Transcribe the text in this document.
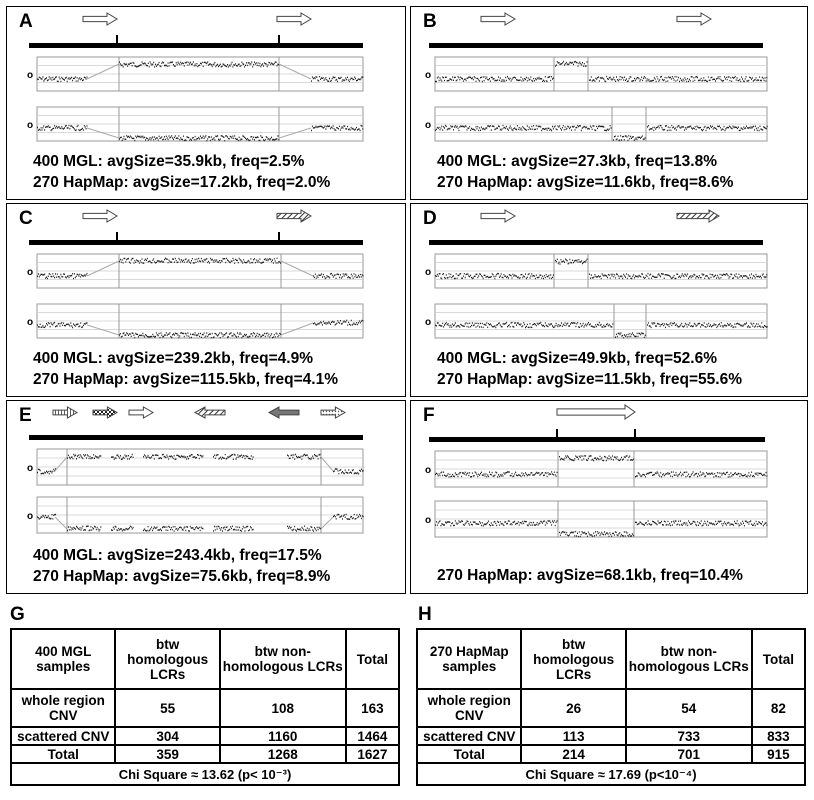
A
o
o
400 MGL: avgSize=35.9kb, freq=2.5%
270 HapMap: avgSize=17.2kb, freq=2.0%
B
o
o
400 MGL: avgSize=27.3kb, freq=13.8%
270 HapMap: avgSize=11.6kb, freq=8.6%
C
o
o
400 MGL: avgSize=239.2kb, freq=4.9%
270 HapMap: avgSize=115.5kb, freq=4.1%
D
o
o
400 MGL: avgSize=49.9kb, freq=52.6%
270 HapMap: avgSize=11.5kb, freq=55.6%
E
o
o
400 MGL: avgSize=243.4kb, freq=17.5%
270 HapMap: avgSize=75.6kb, freq=8.9%
F
o
o
270 HapMap: avgSize=68.1kb, freq=10.4%
G
400 MGL samples	btw homologous LCRs	btw non-homologous LCRs	Total
whole region CNV	55	108	163
scattered CNV	304	1160	1464
Total	359	1268	1627
Chi Square ≈ 13.62 (p< 10⁻³)			
H
270 HapMap samples	btw homologous LCRs	btw non-homologous LCRs	Total
whole region CNV	26	54	82
scattered CNV	113	733	833
Total	214	701	915
Chi Square ≈ 17.69 (p<10⁻⁴)			
